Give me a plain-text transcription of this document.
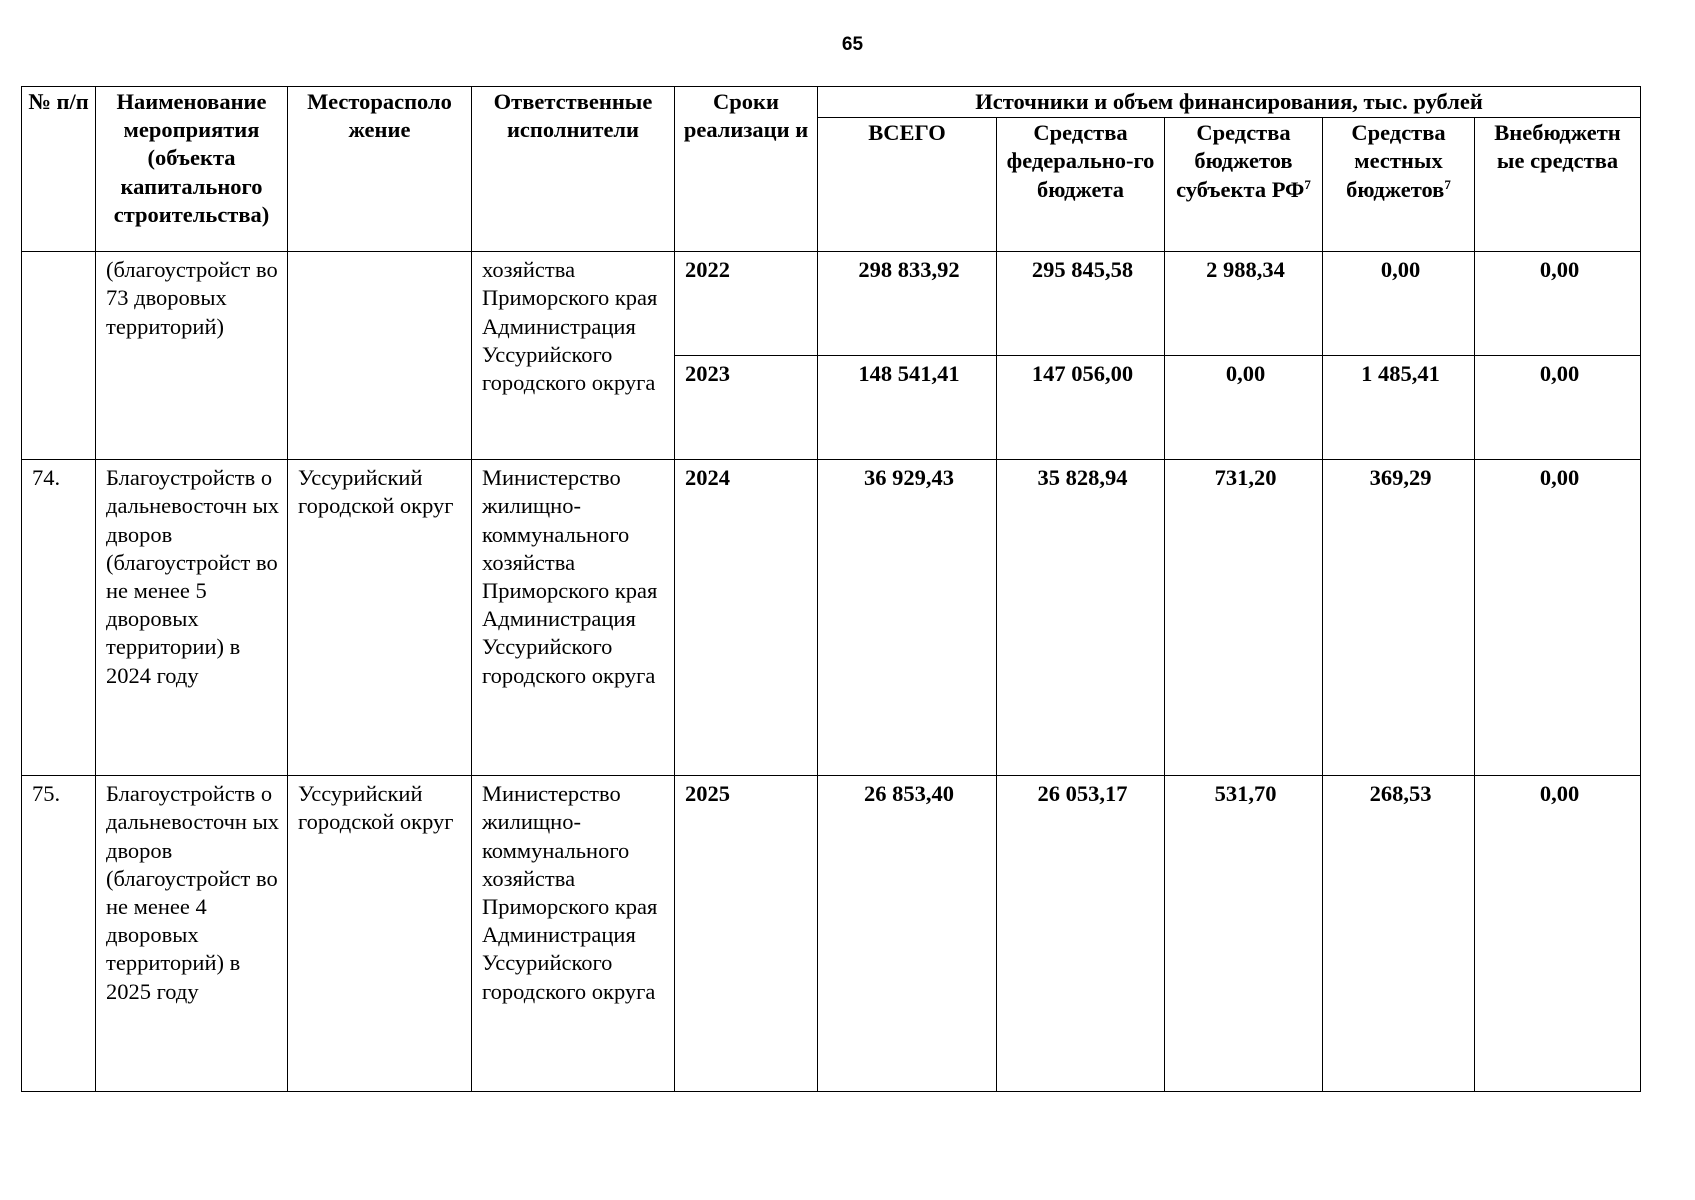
65
№ п/п	Наименование мероприятия (объекта капитального строительства)	Месторасполо жение	Ответственные исполнители	Сроки реализаци и	Источники и объем финансирования, тыс. рублей				
					ВСЕГО	Средства федерально-го бюджета	Средства бюджетов субъекта $РФ^7$	Средства местных бюджетов$^7$	Внебюджетн ые средства
	(благоустройст во 73 дворовых территорий)		хозяйства Приморского края Администрация Уссурийского городского округа	2022	298 833,92	295 845,58	2 988,34	0,00	0,00
				2023	148 541,41	147 056,00	0,00	1 485,41	0,00
74.	Благоустройств о дальневосточн ых дворов (благоустройст во не менее 5 дворовых территории) в 2024 году	Уссурийский городской округ	Министерство жилищно-коммунального хозяйства Приморского края Администрация Уссурийского городского округа	2024	36 929,43	35 828,94	731,20	369,29	0,00
75.	Благоустройств о дальневосточн ых дворов (благоустройст во не менее 4 дворовых территорий) в 2025 году	Уссурийский городской округ	Министерство жилищно-коммунального хозяйства Приморского края Администрация Уссурийского городского округа	2025	26 853,40	26 053,17	531,70	268,53	0,00
